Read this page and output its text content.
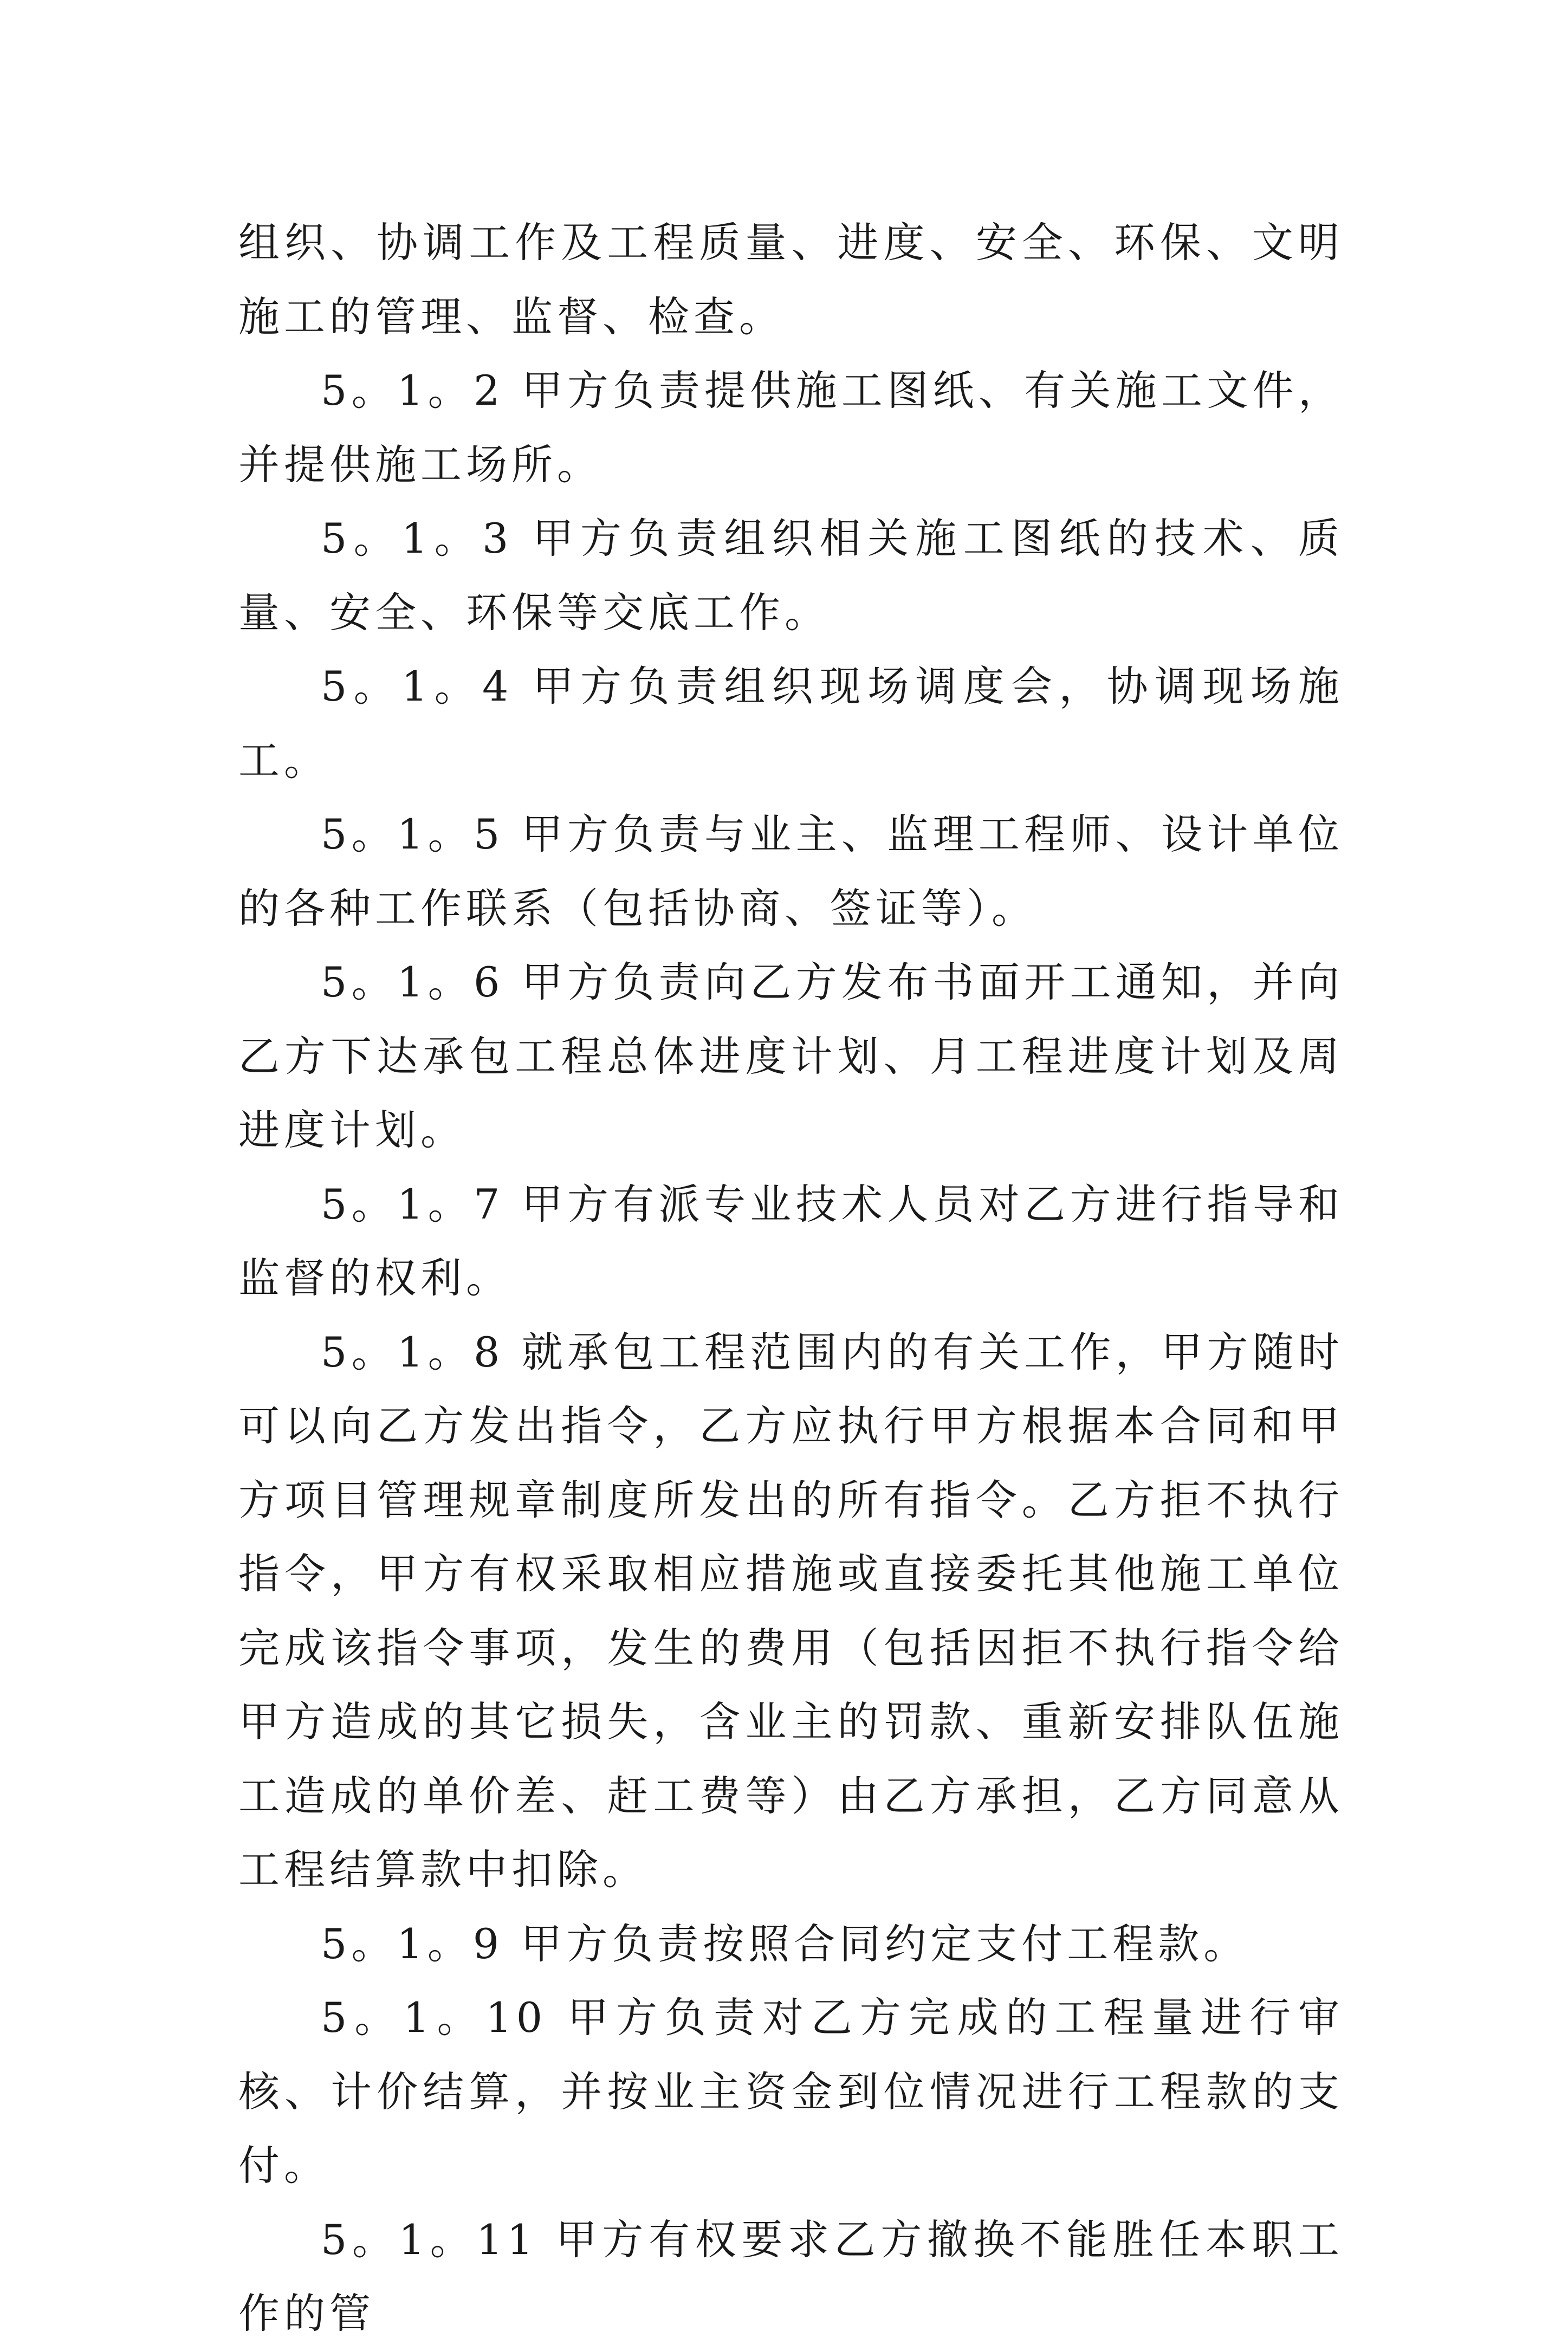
组织、协调工作及工程质量、进度、安全、环保、文明施工的管理、监督、检查。

5。1。2 甲方负责提供施工图纸、有关施工文件，并提供施工场所。

5。1。3 甲方负责组织相关施工图纸的技术、质量、安全、环保等交底工作。

5。1。4 甲方负责组织现场调度会，协调现场施工。

5。1。5 甲方负责与业主、监理工程师、设计单位的各种工作联系（包括协商、签证等）。

5。1。6 甲方负责向乙方发布书面开工通知，并向乙方下达承包工程总体进度计划、月工程进度计划及周进度计划。

5。1。7 甲方有派专业技术人员对乙方进行指导和监督的权利。

5。1。8 就承包工程范围内的有关工作，甲方随时可以向乙方发出指令，乙方应执行甲方根据本合同和甲方项目管理规章制度所发出的所有指令。乙方拒不执行指令，甲方有权采取相应措施或直接委托其他施工单位完成该指令事项，发生的费用（包括因拒不执行指令给甲方造成的其它损失，含业主的罚款、重新安排队伍施工造成的单价差、赶工费等）由乙方承担，乙方同意从工程结算款中扣除。

5。1。9 甲方负责按照合同约定支付工程款。

5。1。10 甲方负责对乙方完成的工程量进行审核、计价结算，并按业主资金到位情况进行工程款的支付。

5。1。11 甲方有权要求乙方撤换不能胜任本职工作的管
